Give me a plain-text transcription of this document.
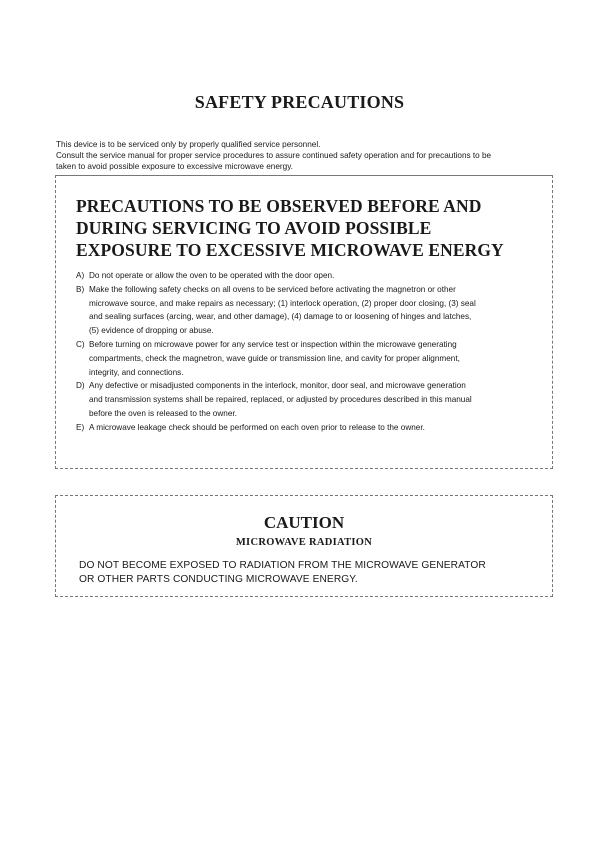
SAFETY PRECAUTIONS

This device is to be serviced only by properly qualified service personnel.

Consult the service manual for proper service procedures to assure continued safety operation and for precautions to be

taken to avoid possible exposure to excessive microwave energy.

PRECAUTIONS TO BE OBSERVED BEFORE AND
DURING SERVICING TO AVOID POSSIBLE
EXPOSURE TO EXCESSIVE MICROWAVE ENERGY
A) Do not operate or allow the oven to be operated with the door open.
B) Make the following safety checks on all ovens to be serviced before activating the magnetron or other
microwave source, and make repairs as necessary; (1) interlock operation, (2) proper door closing, (3) seal
and sealing surfaces (arcing, wear, and other damage), (4) damage to or loosening of hinges and latches,
(5) evidence of dropping or abuse.
C) Before turning on microwave power for any service test or inspection within the microwave generating
compartments, check the magnetron, wave guide or transmission line, and cavity for proper alignment,
integrity, and connections.
D) Any defective or misadjusted components in the interlock, monitor, door seal, and microwave generation
and transmission systems shall be repaired, replaced, or adjusted by procedures described in this manual
before the oven is released to the owner.
E) A microwave leakage check should be performed on each oven prior to release to the owner.
CAUTION
MICROWAVE RADIATION
DO NOT BECOME EXPOSED TO RADIATION FROM THE MICROWAVE GENERATOR
OR OTHER PARTS CONDUCTING MICROWAVE ENERGY.
